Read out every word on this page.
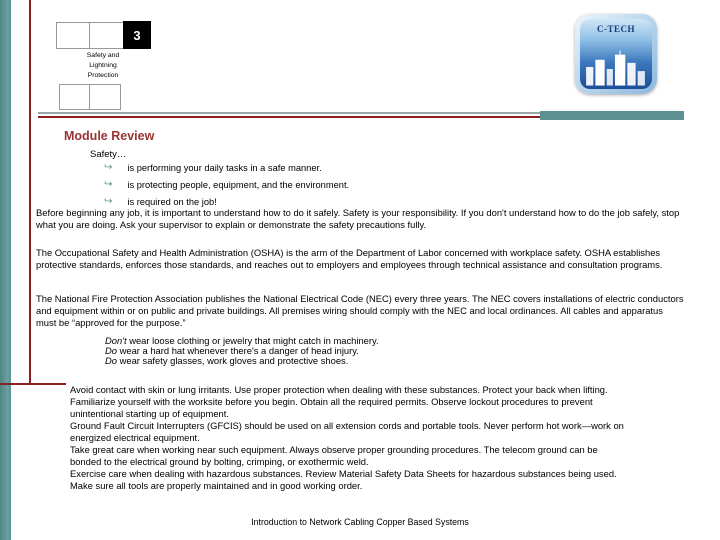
3
Safety and Lightning Protection
C-TECH
Module Review
Safety…
↪ is performing your daily tasks in a safe manner.
↪ is protecting people, equipment, and the environment.
↪ is required on the job!
Before beginning any job, it is important to understand how to do it safely. Safety is your responsibility. If you don't understand how to do the job safely, stop what you are doing. Ask your supervisor to explain or demonstrate the safety precautions fully.
The Occupational Safety and Health Administration (OSHA) is the arm of the Department of Labor concerned with workplace safety. OSHA establishes protective standards, enforces those standards, and reaches out to employers and employees through technical assistance and consultation programs.
The National Fire Protection Association publishes the National Electrical Code (NEC) every three years. The NEC covers installations of electric conductors and equipment within or on public and private buildings. All premises wiring should comply with the NEC and local ordinances. All cables and apparatus must be “approved for the purpose.”
Don't wear loose clothing or jewelry that might catch in machinery.
Do wear a hard hat whenever there's a danger of head injury.
Do wear safety glasses, work gloves and protective shoes.
Avoid contact with skin or lung irritants. Use proper protection when dealing with these substances. Protect your back when lifting.
Familiarize yourself with the worksite before you begin. Obtain all the required permits. Observe lockout procedures to prevent unintentional starting up of equipment.
Ground Fault Circuit Interrupters (GFCIS) should be used on all extension cords and portable tools. Never perform hot work—work on energized electrical equipment.
Take great care when working near such equipment. Always observe proper grounding procedures. The telecom ground can be bonded to the electrical ground by bolting, crimping, or exothermic weld.
Exercise care when dealing with hazardous substances. Review Material Safety Data Sheets for hazardous substances being used.
Make sure all tools are properly maintained and in good working order.
Introduction to Network Cabling Copper Based Systems
